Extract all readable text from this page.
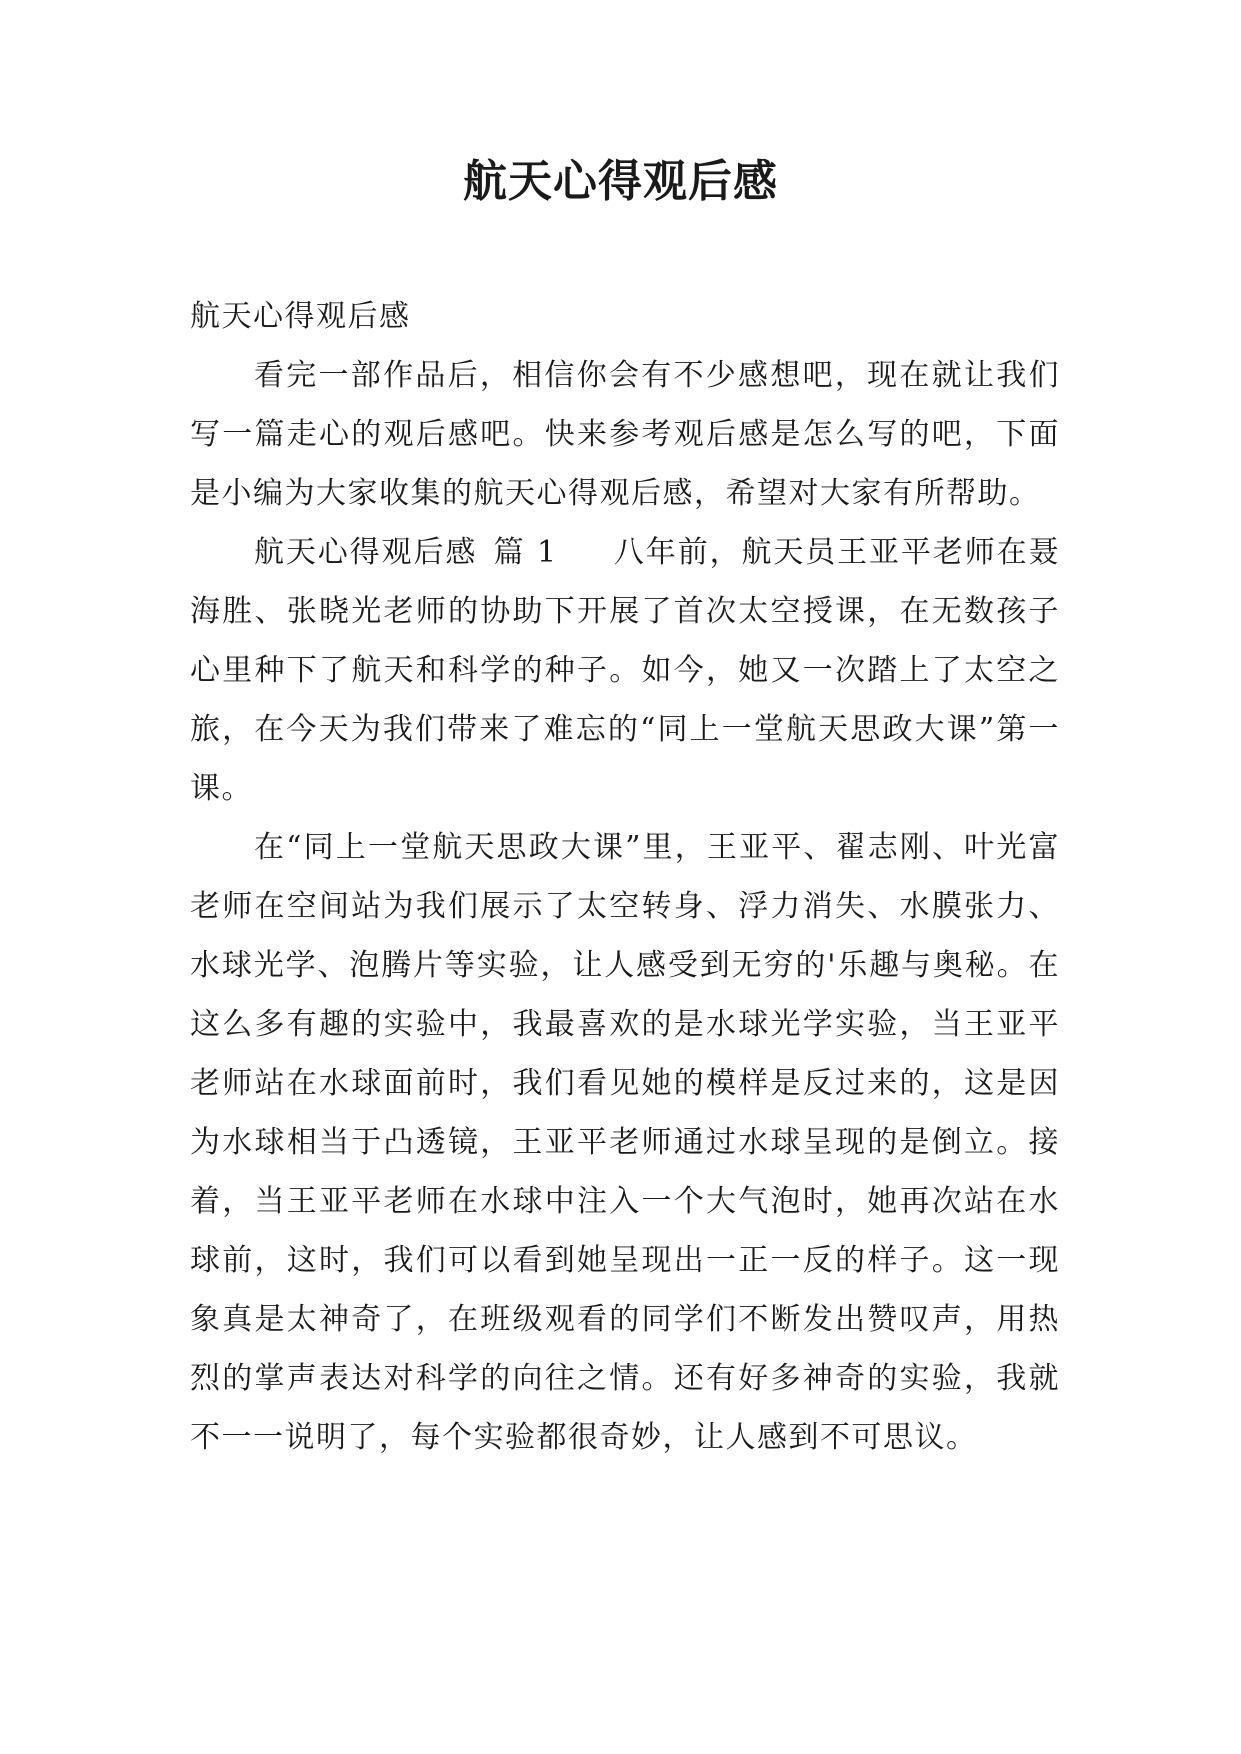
航天心得观后感

航天心得观后感

看完一部作品后，相信你会有不少感想吧，现在就让我们写一篇走心的观后感吧。快来参考观后感是怎么写的吧，下面是小编为大家收集的航天心得观后感，希望对大家有所帮助。

航天心得观后感 篇 1 八年前，航天员王亚平老师在聂海胜、张晓光老师的协助下开展了首次太空授课，在无数孩子心里种下了航天和科学的种子。如今，她又一次踏上了太空之旅，在今天为我们带来了难忘的“同上一堂航天思政大课”第一课。

在“同上一堂航天思政大课”里，王亚平、翟志刚、叶光富老师在空间站为我们展示了太空转身、浮力消失、水膜张力、水球光学、泡腾片等实验，让人感受到无穷的'乐趣与奥秘。在这么多有趣的实验中，我最喜欢的是水球光学实验，当王亚平老师站在水球面前时，我们看见她的模样是反过来的，这是因为水球相当于凸透镜，王亚平老师通过水球呈现的是倒立。接着，当王亚平老师在水球中注入一个大气泡时，她再次站在水球前，这时，我们可以看到她呈现出一正一反的样子。这一现象真是太神奇了，在班级观看的同学们不断发出赞叹声，用热烈的掌声表达对科学的向往之情。还有好多神奇的实验，我就不一一说明了，每个实验都很奇妙，让人感到不可思议。
